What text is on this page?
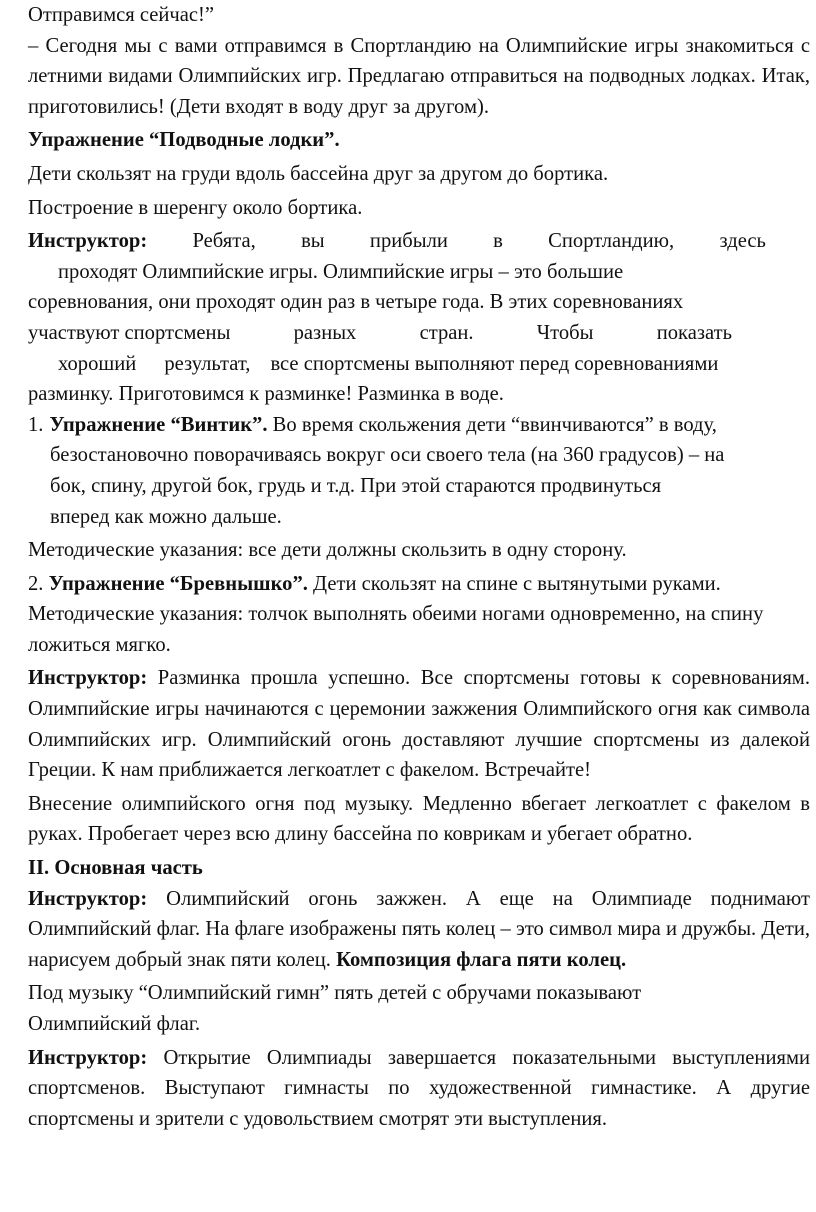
Отправимся сейчас!”

– Сегодня мы с вами отправимся в Спортландию на Олимпийские игры знакомиться с летними видами Олимпийских игр. Предлагаю отправиться на подводных лодках. Итак, приготовились! (Дети входят в воду друг за другом).

Упражнение “Подводные лодки”.

Дети скользят на груди вдоль бассейна друг за другом до бортика.

Построение в шеренгу около бортика.

Инструктор: Ребята, вы прибыли в Спортландию, здесь

проходят Олимпийские игры. Олимпийские игры – это большие

соревнования, они проходят один раз в четыре года. В этих соревнованиях

участвуют спортсмены	разных	стран.	Чтобы	показать
хороший результат, все спортсмены выполняют перед соревнованиями

разминку. Приготовимся к разминке! Разминка в воде.

1. Упражнение “Винтик”. Во время скольжения дети “ввинчиваются” в воду,

безостановочно поворачиваясь вокруг оси своего тела (на 360 градусов) – на

бок, спину, другой бок, грудь и т.д. При этой стараются продвинуться

вперед как можно дальше.

Методические указания: все дети должны скользить в одну сторону.

2. Упражнение “Бревнышко”. Дети скользят на спине с вытянутыми руками.

Методические указания: толчок выполнять обеими ногами одновременно, на спину ложиться мягко.

Инструктор: Разминка прошла успешно. Все спортсмены готовы к соревнованиям. Олимпийские игры начинаются с церемонии зажжения Олимпийского огня как символа Олимпийских игр. Олимпийский огонь доставляют лучшие спортсмены из далекой Греции. К нам приближается легкоатлет с факелом. Встречайте!

Внесение олимпийского огня под музыку. Медленно вбегает легкоатлет с факелом в руках. Пробегает через всю длину бассейна по коврикам и убегает обратно.

II. Основная часть

Инструктор: Олимпийский огонь зажжен. А еще на Олимпиаде поднимают Олимпийский флаг. На флаге изображены пять колец – это символ мира и дружбы. Дети, нарисуем добрый знак пяти колец. Композиция флага пяти колец.

Под музыку “Олимпийский гимн” пять детей с обручами показывают

Олимпийский флаг.

Инструктор: Открытие Олимпиады завершается показательными выступлениями спортсменов. Выступают гимнасты по художественной гимнастике. А другие спортсмены и зрители с удовольствием смотрят эти выступления.
